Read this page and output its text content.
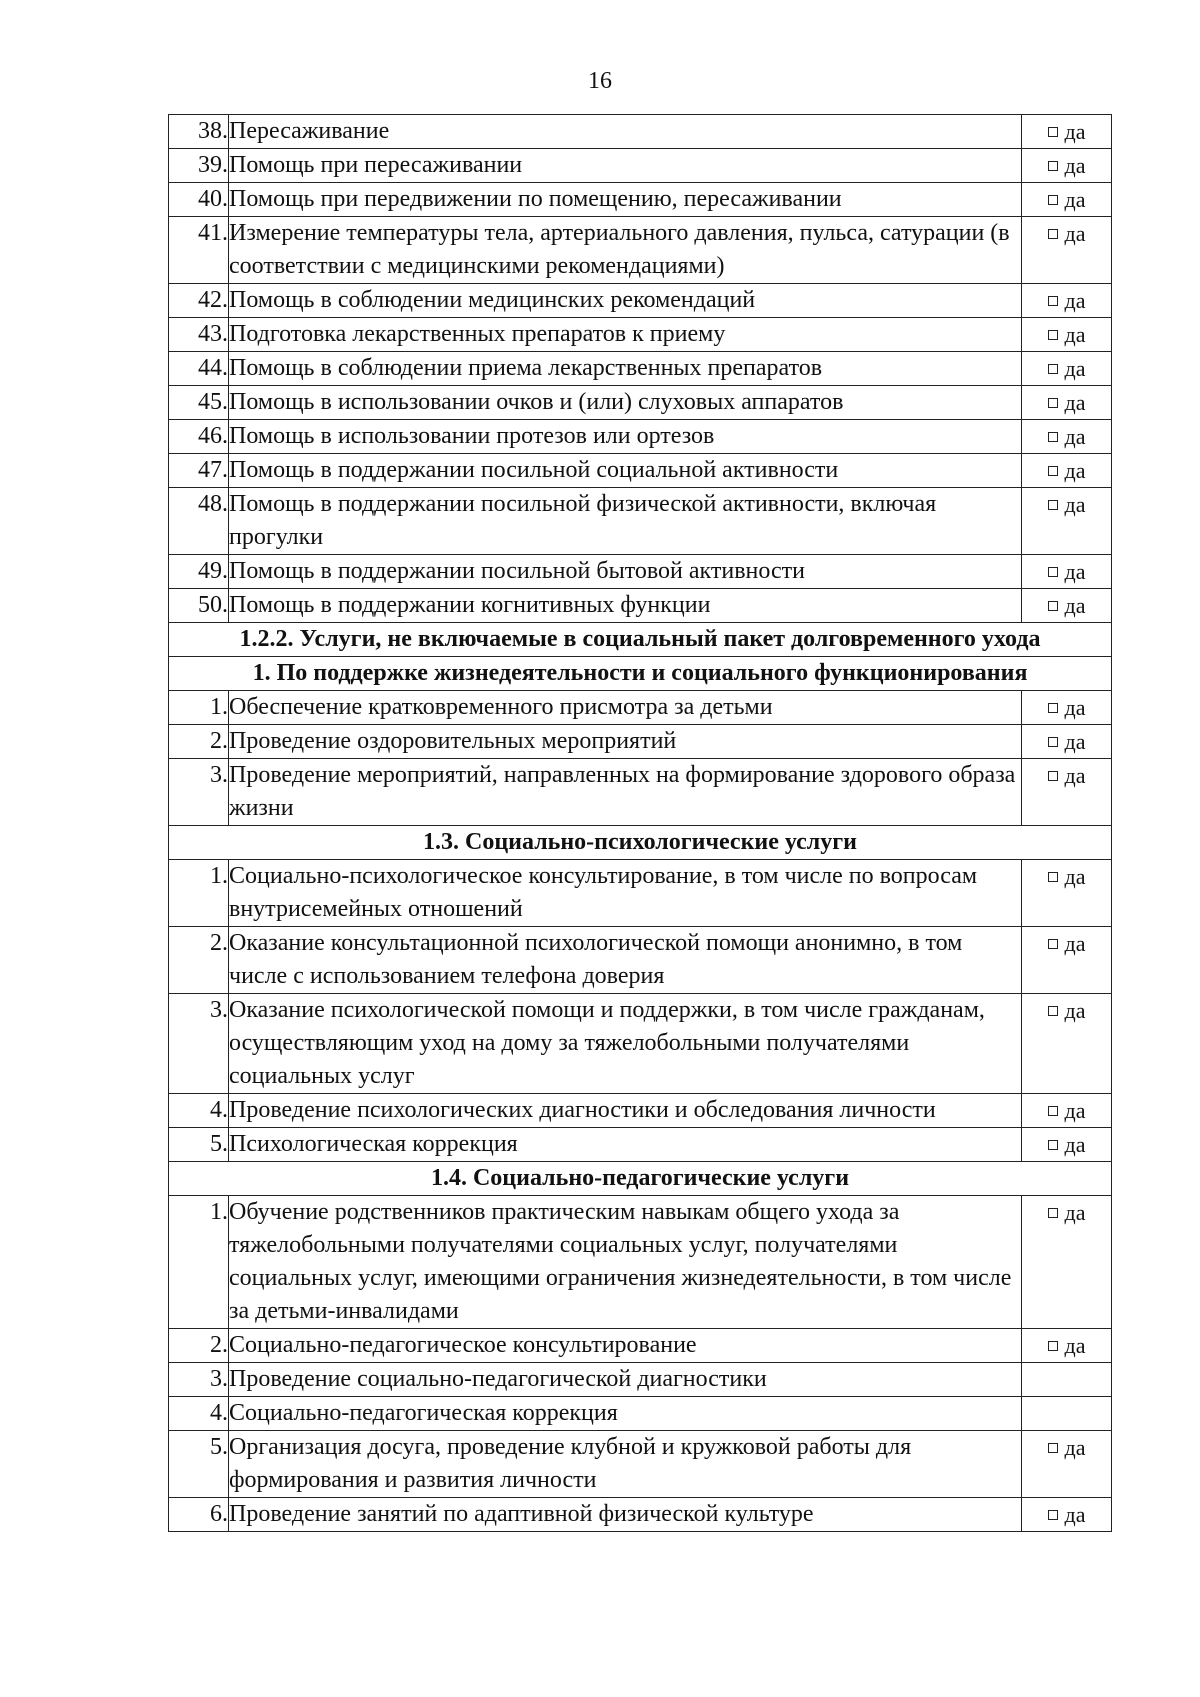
16
38.	Пересаживание	да
39.	Помощь при пересаживании	да
40.	Помощь при передвижении по помещению, пересаживании	да
41.	Измерение температуры тела, артериального давления, пульса, сатурации (в соответствии с медицинскими рекомендациями)	да
42.	Помощь в соблюдении медицинских рекомендаций	да
43.	Подготовка лекарственных препаратов к приему	да
44.	Помощь в соблюдении приема лекарственных препаратов	да
45.	Помощь в использовании очков и (или) слуховых аппаратов	да
46.	Помощь в использовании протезов или ортезов	да
47.	Помощь в поддержании посильной социальной активности	да
48.	Помощь в поддержании посильной физической активности, включая прогулки	да
49.	Помощь в поддержании посильной бытовой активности	да
50.	Помощь в поддержании когнитивных функции	да
1.2.2. Услуги, не включаемые в социальный пакет долговременного ухода		
1. По поддержке жизнедеятельности и социального функционирования		
1.	Обеспечение кратковременного присмотра за детьми	да
2.	Проведение оздоровительных мероприятий	да
3.	Проведение мероприятий, направленных на формирование здорового образа жизни	да
1.3. Социально-психологические услуги		
1.	Социально-психологическое консультирование, в том числе по вопросам внутрисемейных отношений	да
2.	Оказание консультационной психологической помощи анонимно, в том числе с использованием телефона доверия	да
3.	Оказание психологической помощи и поддержки, в том числе гражданам, осуществляющим уход на дому за тяжелобольными получателями социальных услуг	да
4.	Проведение психологических диагностики и обследования личности	да
5.	Психологическая коррекция	да
1.4. Социально-педагогические услуги		
1.	Обучение родственников практическим навыкам общего ухода за тяжелобольными получателями социальных услуг, получателями социальных услуг, имеющими ограничения жизнедеятельности, в том числе за детьми-инвалидами	да
2.	Социально-педагогическое консультирование	да
3.	Проведение социально-педагогической диагностики	
4.	Социально-педагогическая коррекция	
5.	Организация досуга, проведение клубной и кружковой работы для формирования и развития личности	да
6.	Проведение занятий по адаптивной физической культуре	да
